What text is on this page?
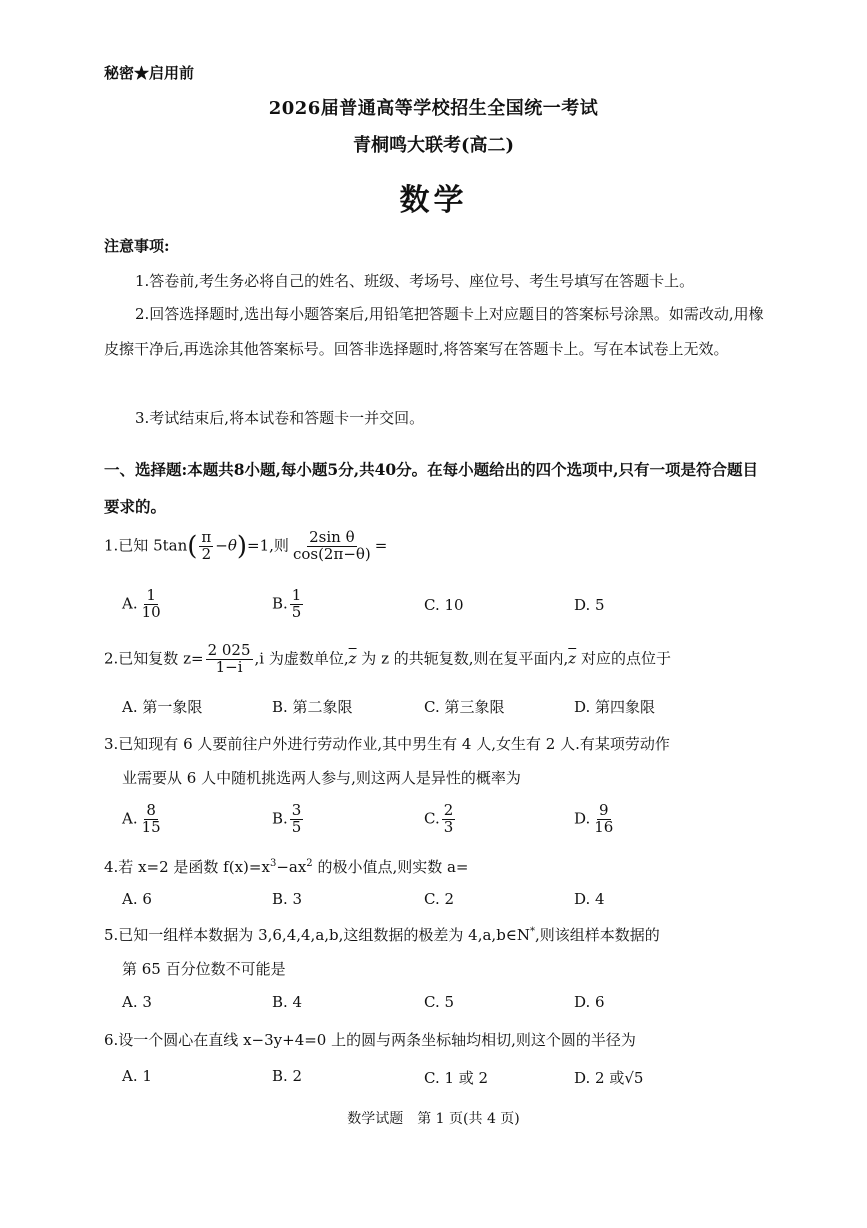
秘密★启用前
2026届普通高等学校招生全国统一考试
青桐鸣大联考(高二)
数学
注意事项:
1.答卷前,考生务必将自己的姓名、班级、考场号、座位号、考生号填写在答题卡上。
2.回答选择题时,选出每小题答案后,用铅笔把答题卡上对应题目的答案标号涂黑。如需改动,用橡皮擦干净后,再选涂其他答案标号。回答非选择题时,将答案写在答题卡上。写在本试卷上无效。
3.考试结束后,将本试卷和答题卡一并交回。
一、选择题:本题共8小题,每小题5分,共40分。在每小题给出的四个选项中,只有一项是符合题目要求的。
1.已知 $5\tan( \frac{\pi}{2} -\theta)=1$,则 $\frac{\text{2sin θ}}{\cos(2\pi-\theta)}$ =
A. $\frac{1}{10}$	B. $\frac{1}{5}$	C. 10	D. 5
2.已知复数 $z= \frac{2 025}{1-i} ,i$ 为虚数单位$,\overline{z}$ 为 z 的共轭复数,则在复平面内$,\overline{z}$ 对应的点位于
A. 第一象限	B. 第二象限	C. 第三象限	D. 第四象限
3.已知现有 6 人要前往户外进行劳动作业,其中男生有 4 人,女生有 2 人.有某项劳动作
业需要从 6 人中随机挑选两人参与,则这两人是异性的概率为
A. $\frac{8}{15}$	B. $\frac{3}{5}$	C. $\frac{2}{3}$	D. $\frac{9}{16}$
4.若 x=2 是函数 $f(x)=x^3-ax^2$ 的极小值点,则实数 a=
A. 6	B. 3	C. 2	D. 4
5.已知一组样本数据为 3,6,4,4,a,b,这组数据的极差为 4,a,b∈N*,则该组样本数据的
第 65 百分位数不可能是
A. 3	B. 4	C. 5	D. 6
6.设一个圆心在直线 x−3y+4=0 上的圆与两条坐标轴均相切,则这个圆的半径为
A. 1	B. 2	C. 1 或 2	D. 2 或√5
数学试题　第 1 页(共 4 页)
